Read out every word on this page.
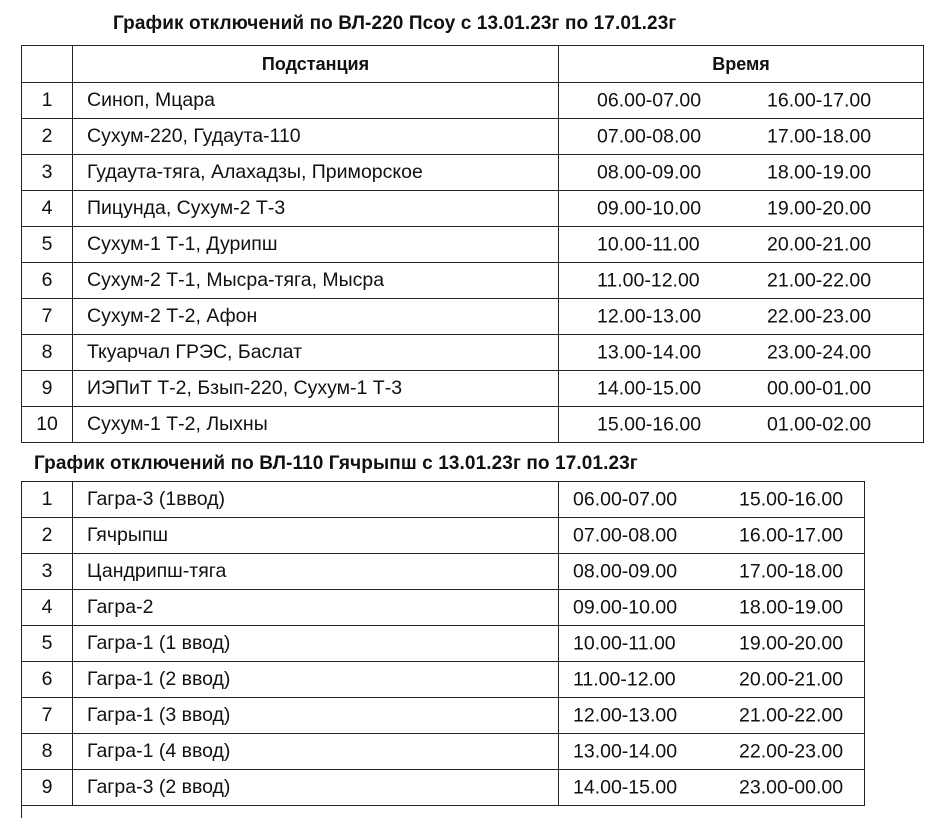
График отключений по ВЛ-220 Псоу с 13.01.23г по 17.01.23г
	Подстанция	Время
1	Синоп, Мцара	06.00-07.00 16.00-17.00

2	Сухум-220, Гудаута-110	07.00-08.00 17.00-18.00

3	Гудаута-тяга, Алахадзы, Приморское	08.00-09.00 18.00-19.00

4	Пицунда, Сухум-2 Т-3	09.00-10.00 19.00-20.00

5	Сухум-1 Т-1, Дурипш	10.00-11.00 20.00-21.00

6	Сухум-2 Т-1, Мысра-тяга, Мысра	11.00-12.00 21.00-22.00

7	Сухум-2 Т-2, Афон	12.00-13.00 22.00-23.00

8	Ткуарчал ГРЭС, Баслат	13.00-14.00 23.00-24.00

9	ИЭПиТ Т-2, Бзып-220, Сухум-1 Т-3	14.00-15.00 00.00-01.00

10	Сухум-1 Т-2, Лыхны	15.00-16.00 01.00-02.00
График отключений по ВЛ-110 Гячрыпш с 13.01.23г по 17.01.23г
1	Гагра-3 (1ввод)	06.00-07.00 15.00-16.00

2	Гячрыпш	07.00-08.00 16.00-17.00

3	Цандрипш-тяга	08.00-09.00 17.00-18.00

4	Гагра-2	09.00-10.00 18.00-19.00

5	Гагра-1 (1 ввод)	10.00-11.00 19.00-20.00

6	Гагра-1 (2 ввод)	11.00-12.00 20.00-21.00

7	Гагра-1 (3 ввод)	12.00-13.00 21.00-22.00

8	Гагра-1 (4 ввод)	13.00-14.00 22.00-23.00

9	Гагра-3 (2 ввод)	14.00-15.00 23.00-00.00
